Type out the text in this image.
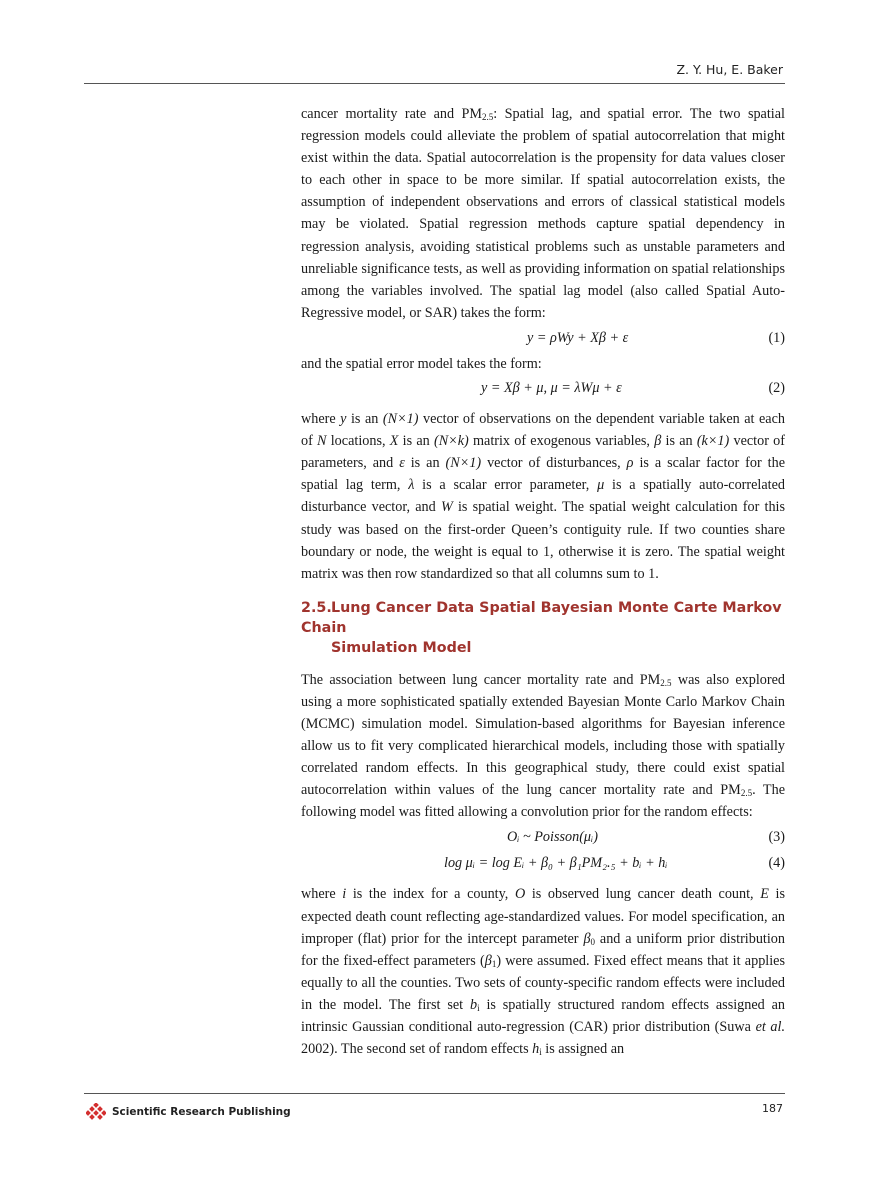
Z. Y. Hu, E. Baker

cancer mortality rate and $PM_{2.5}$: Spatial lag, and spatial error. The two spatial regression models could alleviate the problem of spatial autocorrelation that might exist within the data. Spatial autocorrelation is the propensity for data values closer to each other in space to be more similar. If spatial autocorrelation exists, the assumption of independent observations and errors of classical statistical models may be violated. Spatial regression methods capture spatial dependency in regression analysis, avoiding statistical problems such as unstable parameters and unreliable significance tests, as well as providing information on spatial relationships among the variables involved. The spatial lag model (also called Spatial Auto-Regressive model, or SAR) takes the form:

y = ρWy + Xβ + ε	(1)

and the spatial error model takes the form:

y = Xβ + μ, μ = λWμ + ε	(2)

where y is an (N×1) vector of observations on the dependent variable taken at each of N locations, X is an (N×k) matrix of exogenous variables, β is an (k×1) vector of parameters, and ε is an (N×1) vector of disturbances, ρ is a scalar factor for the spatial lag term, λ is a scalar error parameter, μ is a spatially auto-correlated disturbance vector, and W is spatial weight. The spatial weight calculation for this study was based on the first-order Queen’s contiguity rule. If two counties share boundary or node, the weight is equal to 1, otherwise it is zero. The spatial weight matrix was then row standardized so that all columns sum to 1.

2.5.Lung Cancer Data Spatial Bayesian Monte Carte Markov Chain
Simulation Model

The association between lung cancer mortality rate and $PM_{2.5}$ was also explored using a more sophisticated spatially extended Bayesian Monte Carlo Markov Chain (MCMC) simulation model. Simulation-based algorithms for Bayesian inference allow us to fit very complicated hierarchical models, including those with spatially correlated random effects. In this geographical study, there could exist spatial autocorrelation within values of the lung cancer mortality rate and $PM_{2.5}$. The following model was fitted allowing a convolution prior for the random effects:

Oᵢ ~ Poisson(μᵢ)	(3)
log μᵢ = log Eᵢ + β₀ + β₁PM₂.₅ + bᵢ + hᵢ	(4)

where i is the index for a county, O is observed lung cancer death count, E is expected death count reflecting age-standardized values. For model specification, an improper (flat) prior for the intercept parameter $\beta_0$ and a uniform prior distribution for the fixed-effect parameters $(\beta_1)$ were assumed. Fixed effect means that it applies equally to all the counties. Two sets of county-specific random effects were included in the model. The first set $b_i$ is spatially structured random effects assigned an intrinsic Gaussian conditional auto-regression (CAR) prior distribution (Suwa et al. 2002). The second set of random effects $h_i$ is assigned an

Scientific Research Publishing	187
